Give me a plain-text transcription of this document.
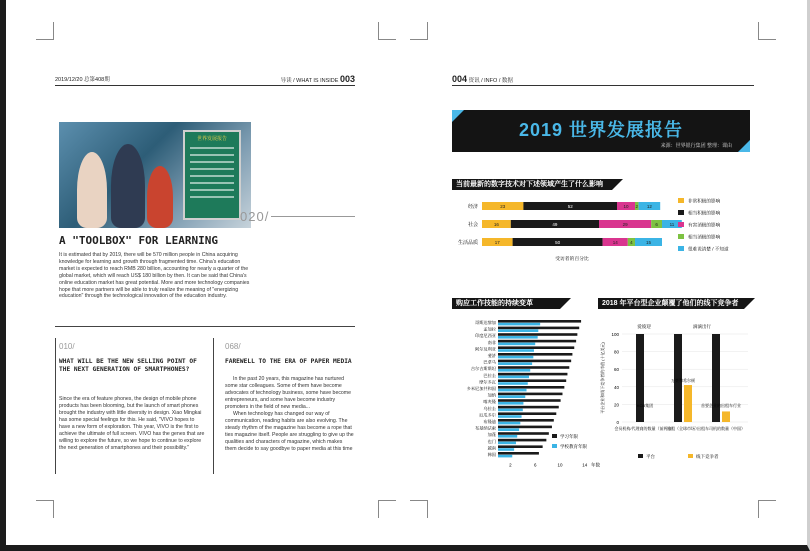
2019/12/20 总第408期	导读 / WHAT IS INSIDE 003
世界发展报告
020/
A "TOOLBOX" FOR LEARNING
It is estimated that by 2019, there will be 570 million people in China acquiring knowledge for learning and growth through fragmented time. China's education market is expected to reach RMB 280 billion, accounting for nearly a quarter of the global market, which will reach US$ 180 billion by then. It can be said that China's online education market has great potential. More and more technology companies hope that more partners will be able to truly realize the meaning of "energizing education" through the technological innovation of the education industry.
010/
WHAT WILL BE THE NEW SELLING POINT OF THE NEXT GENERATION OF SMARTPHONES?
Since the era of feature phones, the design of mobile phone products has been blooming, but the launch of smart phones brought the industry with little diversity in design. Xiao Mingkai has some special feelings for this. He said, "VIVO hopes to have a new form of exploration. This year, VIVO is the first to achieve the ultimate of full screen. VIVO has the genes that are willing to explore the future, so we hope to continue to explore the next generation of smartphones and their possibility."
068/
FAREWELL TO THE ERA OF PAPER MEDIA
In the past 20 years, this magazine has nurtured some star colleagues. Some of them have become advocates of technology business, some have become entrepreneurs, and some have become industry promoters in the field of new media...
When technology has changed our way of communication, reading habits are also evolving. The steady rhythm of the magazine has become a rope that ties magazine itself. People are struggling to give up the qualities and characters of magazine, which makes them decide to say goodbye to paper media at this time
004 资讯 / INFO / 数据
2019 世界发展报告
来源：世界银行集团 整理：课由
当前最新的数字技术对下述领域产生了什么影响
经济	23	52	10 2 12
社会	16	49	29	6	11
生活品质	17	50	14	4	15
受访者的百分比
非常积极的影响
相当积极的影响
有害消极的影响
相当消极的影响
很难说清楚 / 不知道
购应工作技能的持续变革
哥斯达黎加
孟加拉
印度尼西亚
南非
阿尔及利亚
斐济
巴拿马
吉尔吉斯斯坦
巴拉圭
摩尔多瓦
多米尼加共和国
加纳
喀麦隆
乌拉圭
厄瓜多尔
布隆迪
布基纳法索
加蓬
也门
越南
韩国
2	6	10	14 年数
学习年限
学校教育年限
2018 年平台型企业颠覆了他们的线下竞争者
平台企业和线下竞争者的市值 (十亿美元)
0
20
40
60
80
100
爱彼迎	滴滴出行
会员机构/代理商的数量（前两家）
KCB集团
出租（全球市场）
万豪和希尔顿
出租车司机的数量（中国）
首要企业的出租车行业
平台	线下竞争者
